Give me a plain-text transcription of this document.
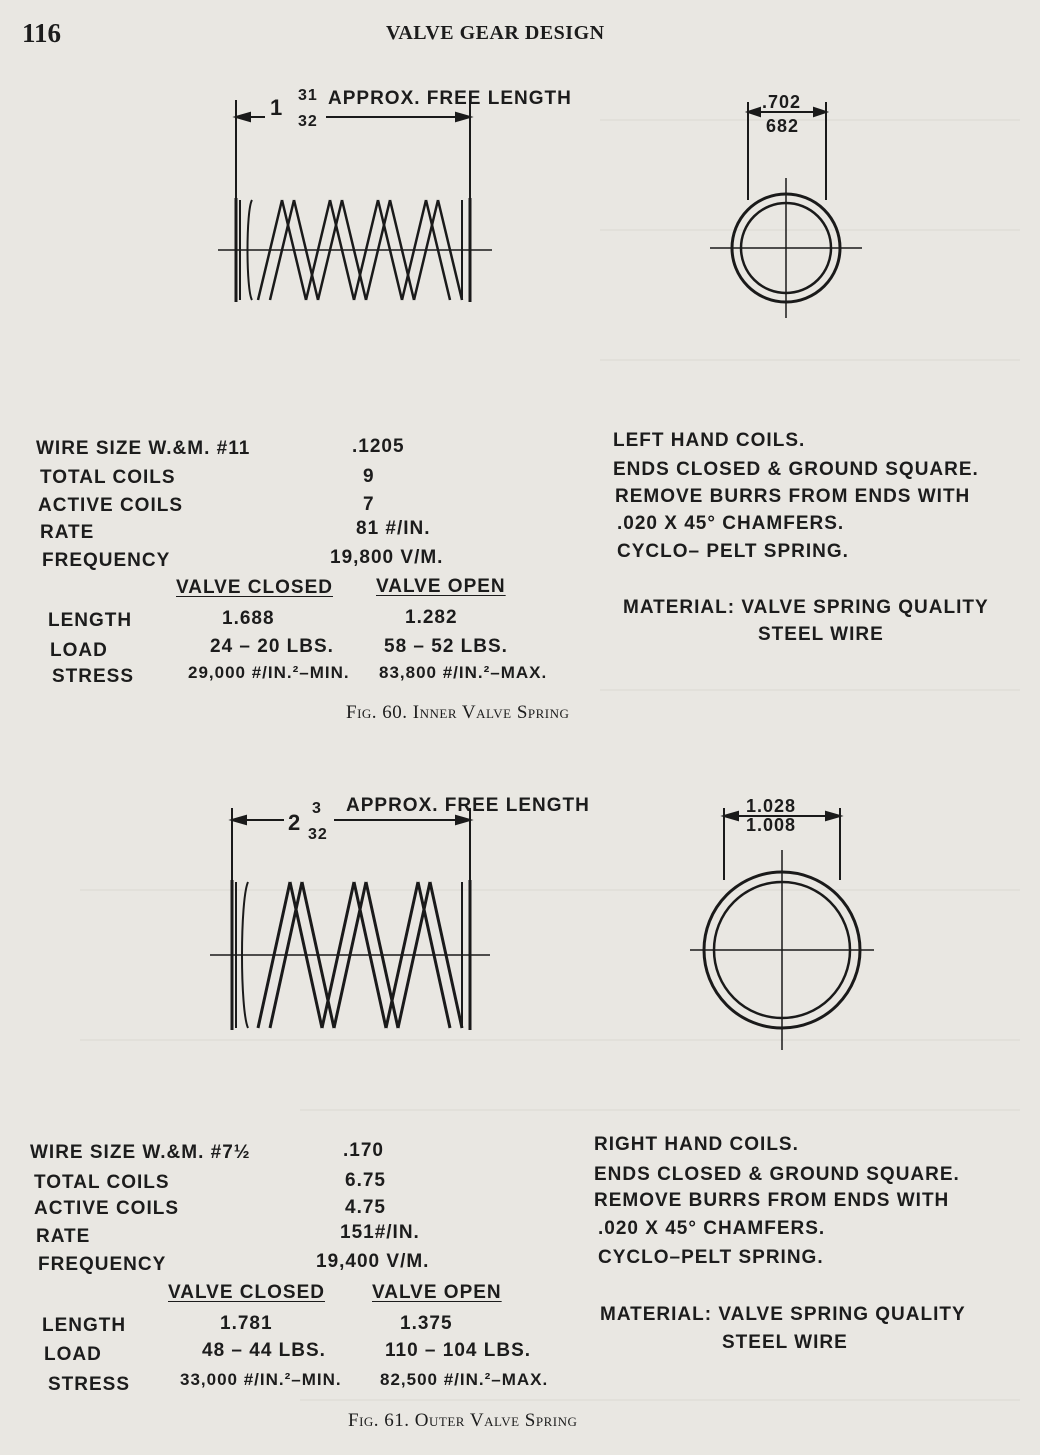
116	VALVE GEAR DESIGN
1 31
32
APPROX. FREE LENGTH	.702
682
WIRE SIZE W.&M. #11	.1205
TOTAL COILS	9
ACTIVE COILS	7
RATE	81 #/IN.
FREQUENCY	19,800 V/M.
LEFT HAND COILS.
ENDS CLOSED & GROUND SQUARE.
REMOVE BURRS FROM ENDS WITH
.020 X 45° CHAMFERS.
CYCLO– PELT SPRING.
MATERIAL: VALVE SPRING QUALITY
STEEL WIRE
VALVE CLOSED VALVE OPEN
LENGTH	1.688	1.282
LOAD	24 – 20 LBS.	58 – 52 LBS.
STRESS	29,000 #/IN.²–MIN. 83,800 #/IN.²–MAX.
Fig. 60. Inner Valve Spring
2
3
32
APPROX. FREE LENGTH	1.028
1.008
WIRE SIZE W.&M. #7½	.170
TOTAL COILS	6.75
ACTIVE COILS	4.75
RATE	151#/IN.
FREQUENCY	19,400 V/M.
RIGHT HAND COILS.
ENDS CLOSED & GROUND SQUARE.
REMOVE BURRS FROM ENDS WITH
.020 X 45° CHAMFERS.
CYCLO–PELT SPRING.
MATERIAL: VALVE SPRING QUALITY
STEEL WIRE
VALVE CLOSED VALVE OPEN
LENGTH	1.781	1.375
LOAD	48 – 44 LBS.	110 – 104 LBS.
STRESS	33,000 #/IN.²–MIN. 82,500 #/IN.²–MAX.
Fig. 61. Outer Valve Spring
